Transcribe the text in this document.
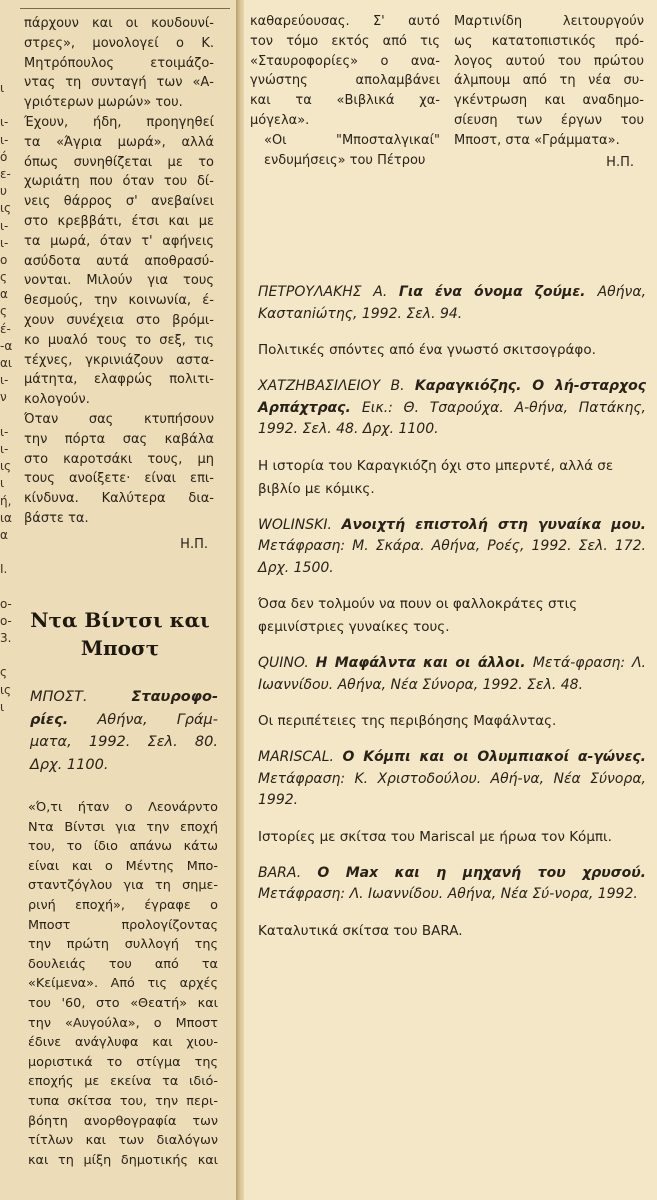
ι
ι-
ι-
ό
ε-
υ
ις
ι-
ι-
ο
ς
α
ς
έ-
-α
αι
ι-
ν
ι-
ι-
ις
ι
ή,
ια
α
Ι.
ο-
ο-
3.
ς
ις
ι
πάρχουν και οι κουδουνί-
στρες», μονολογεί ο Κ.
Μητρόπουλος ετοιμάζο-
ντας τη συνταγή των «Α-
γριότερων μωρών» του.
Έχουν, ήδη, προηγηθεί
τα «Άγρια μωρά», αλλά
όπως συνηθίζεται με το
χωριάτη που όταν του δί-
νεις θάρρος σ' ανεβαίνει
στο κρεββάτι, έτσι και με
τα μωρά, όταν τ' αφήνεις
ασύδοτα αυτά αποθρασύ-
νονται. Μιλούν για τους
θεσμούς, την κοινωνία, έ-
χουν συνέχεια στο βρόμι-
κο μυαλό τους το σεξ, τις
τέχνες, γκρινιάζουν αστα-
μάτητα, ελαφρώς πολιτι-
κολογούν.
Όταν σας κτυπήσουν
την πόρτα σας καβάλα
στο καροτσάκι τους, μη
τους ανοίξετε· είναι επι-
κίνδυνα. Καλύτερα δια-
βάστε τα.

Η.Π.

Ντα Βίντσι και Μποστ
ΜΠΟΣΤ.	Σταυροφο-
ρίες. Αθήνα, Γράμ-
ματα, 1992. Σελ. 80.
Δρχ. 1100.
«Ό,τι ήταν ο Λεονάρντο
Ντα Βίντσι για την εποχή
του, το ίδιο απάνω κάτω
είναι και ο Μέντης Μπο-
σταντζόγλου για τη σημε-
ρινή εποχή», έγραφε ο
Μποστ προλογίζοντας
την πρώτη συλλογή της
δουλειάς του από τα
«Κείμενα». Από τις αρχές
του '60, στο «Θεατή» και
την «Αυγούλα», ο Μποστ
έδινε ανάγλυφα και χιου-
μοριστικά το στίγμα της
εποχής με εκείνα τα ιδιό-
τυπα σκίτσα του, την περι-
βόητη ανορθογραφία των
τίτλων και των διαλόγων
και τη μίξη δημοτικής και
καθαρεύουσας. Σ' αυτό
τον τόμο εκτός από τις
«Σταυροφορίες» ο ανα-
γνώστης απολαμβάνει
και τα «Βιβλικά χα-
μόγελα».
«Οι "Μποσταλγικαί"
ενδυμήσεις» του Πέτρου
Μαρτινίδη λειτουργούν
ως κατατοπιστικός πρό-
λογος αυτού του πρώτου
άλμπουμ από τη νέα συ-
γκέντρωση και αναδημο-
σίευση των έργων του
Μποστ, στα «Γράμματα».

Η.Π.

ΠΕΤΡΟΥΛΑΚΗΣ Α. Για ένα όνομα ζούμε. Αθήνα, Κασταniώτης, 1992. Σελ. 94.
Πολιτικές σπόντες από ένα γνωστό σκιτσογράφο.
ΧΑΤΖΗΒΑΣΙΛΕΙΟΥ Β. Καραγκιόζης. Ο λή-σταρχος Αρπάχτρας. Εικ.: Θ. Τσαρούχα. Α-θήνα, Πατάκης, 1992. Σελ. 48. Δρχ. 1100.
Η ιστορία του Καραγκιόζη όχι στο μπερντέ, αλλά σε βιβλίο με κόμικς.
WOLINSKI. Ανοιχτή επιστολή στη γυναίκα μου. Μετάφραση: Μ. Σκάρα. Αθήνα, Ροές, 1992. Σελ. 172. Δρχ. 1500.
Όσα δεν τολμούν να πουν οι φαλλοκράτες στις φεμινίστριες γυναίκες τους.
QUINO. Η Μαφάλντα και οι άλλοι. Μετά-φραση: Λ. Ιωαννίδου. Αθήνα, Νέα Σύνορα, 1992. Σελ. 48.
Οι περιπέτειες της περιβόησης Μαφάλντας.
MARISCAL. Ο Κόμπι και οι Ολυμπιακοί α-γώνες. Μετάφραση: Κ. Χριστοδούλου. Αθή-να, Νέα Σύνορα, 1992.
Ιστορίες με σκίτσα του Mariscal με ήρωα τον Κόμπι.
BARA. Ο Max και η μηχανή του χρυσού. Μετάφραση: Λ. Ιωαννίδου. Αθήνα, Νέα Σύ-νορα, 1992.
Καταλυτικά σκίτσα του BARA.
